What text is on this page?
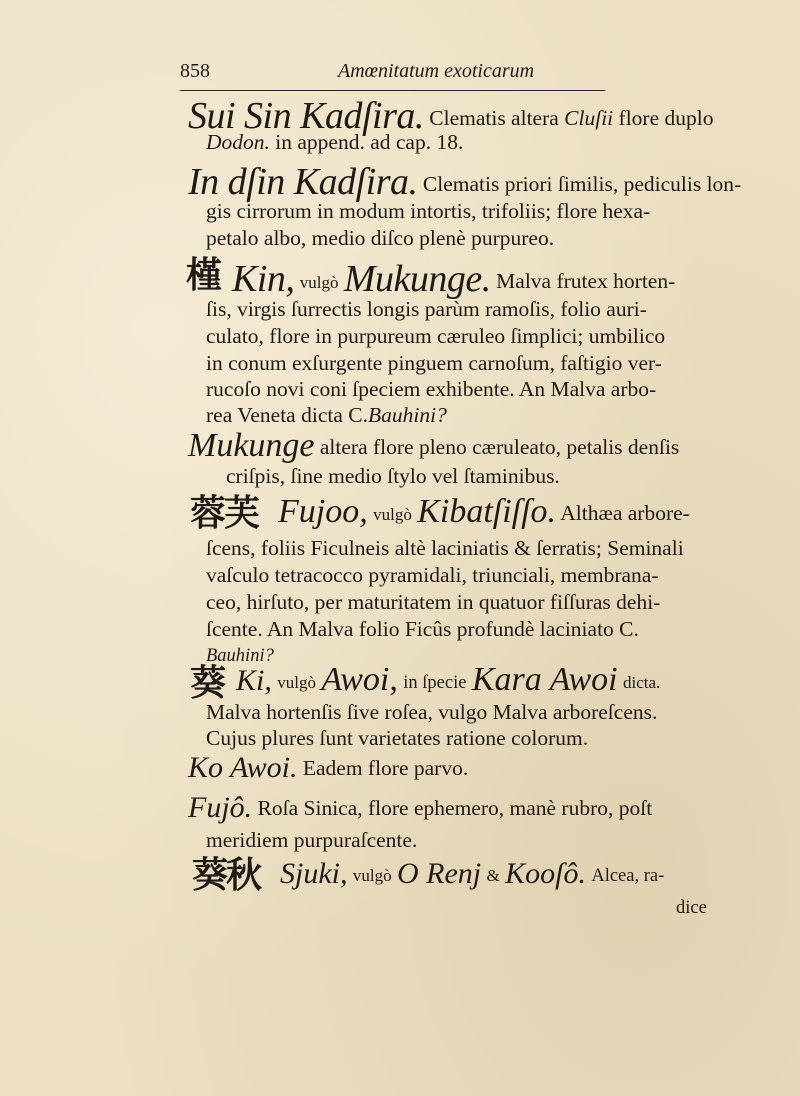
858	Amœnitatum exoticarum
Sui Sin Kadſira. Clematis altera Cluſii flore duplo
Dodon. in append. ad cap. 18.
In dſin Kadſira. Clematis priori ſimilis, pediculis lon-
gis cirrorum in modum intortis, trifoliis; flore hexa-
petalo albo, medio diſco plenè purpureo.
槿 Kin, vulgò Mukunge. Malva frutex horten-
ſis, virgis ſurrectis longis parùm ramoſis, folio auri-
culato, flore in purpureum cæruleo ſimplici; umbilico
in conum exſurgente pinguem carnoſum, faſtigio ver-
rucoſo novi coni ſpeciem exhibente. An Malva arbo-
rea Veneta dicta C.Bauhini?
Mukunge altera flore pleno cæruleato, petalis denſis
criſpis, ſine medio ſtylo vel ſtaminibus.
蓉芙 Fujoo, vulgò Kibatſiſſo. Althæa arbore-
ſcens, foliis Ficulneis altè laciniatis & ſerratis; Seminali
vaſculo tetracocco pyramidali, triunciali, membrana-
ceo, hirſuto, per maturitatem in quatuor fiſſuras dehi-
ſcente. An Malva folio Ficûs profundè laciniato C.
Bauhini?
葵 Ki, vulgò Awoi, in ſpecie Kara Awoi dicta.
Malva hortenſis ſive roſea, vulgo Malva arboreſcens.
Cujus plures ſunt varietates ratione colorum.
Ko Awoi. Eadem flore parvo.
Fujô. Roſa Sinica, flore ephemero, manè rubro, poſt
meridiem purpuraſcente.
葵秋 Sjuki, vulgò O Renj & Kooſô. Alcea, ra-
dice
